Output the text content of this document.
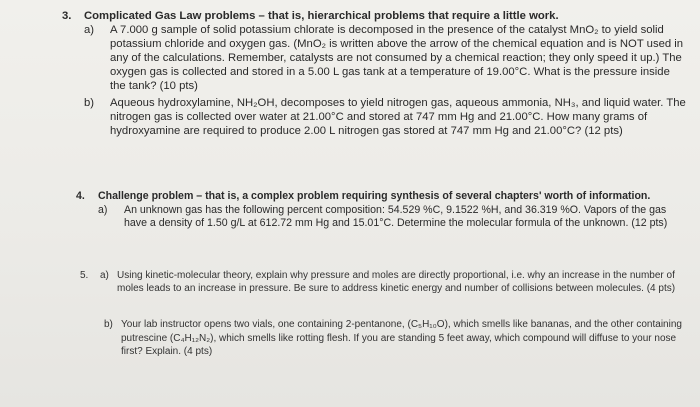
3. Complicated Gas Law problems – that is, hierarchical problems that require a little work.

a) A 7.000 g sample of solid potassium chlorate is decomposed in the presence of the catalyst MnO₂ to yield solid potassium chloride and oxygen gas. (MnO₂ is written above the arrow of the chemical equation and is NOT used in any of the calculations. Remember, catalysts are not consumed by a chemical reaction; they only speed it up.) The oxygen gas is collected and stored in a 5.00 L gas tank at a temperature of 19.00°C. What is the pressure inside the tank? (10 pts)

b) Aqueous hydroxylamine, NH₂OH, decomposes to yield nitrogen gas, aqueous ammonia, NH₃, and liquid water. The nitrogen gas is collected over water at 21.00°C and stored at 747 mm Hg and 21.00°C. How many grams of hydroxyamine are required to produce 2.00 L nitrogen gas stored at 747 mm Hg and 21.00°C? (12 pts)

4. Challenge problem – that is, a complex problem requiring synthesis of several chapters' worth of information.

a) An unknown gas has the following percent composition: 54.529 %C, 9.1522 %H, and 36.319 %O. Vapors of the gas have a density of 1.50 g/L at 612.72 mm Hg and 15.01°C. Determine the molecular formula of the unknown. (12 pts)

5. a) Using kinetic-molecular theory, explain why pressure and moles are directly proportional, i.e. why an increase in the number of moles leads to an increase in pressure. Be sure to address kinetic energy and number of collisions between molecules. (4 pts)

b) Your lab instructor opens two vials, one containing 2-pentanone, (C₅H₁₀O), which smells like bananas, and the other containing putrescine (C₄H₁₂N₂), which smells like rotting flesh. If you are standing 5 feet away, which compound will diffuse to your nose first? Explain. (4 pts)
